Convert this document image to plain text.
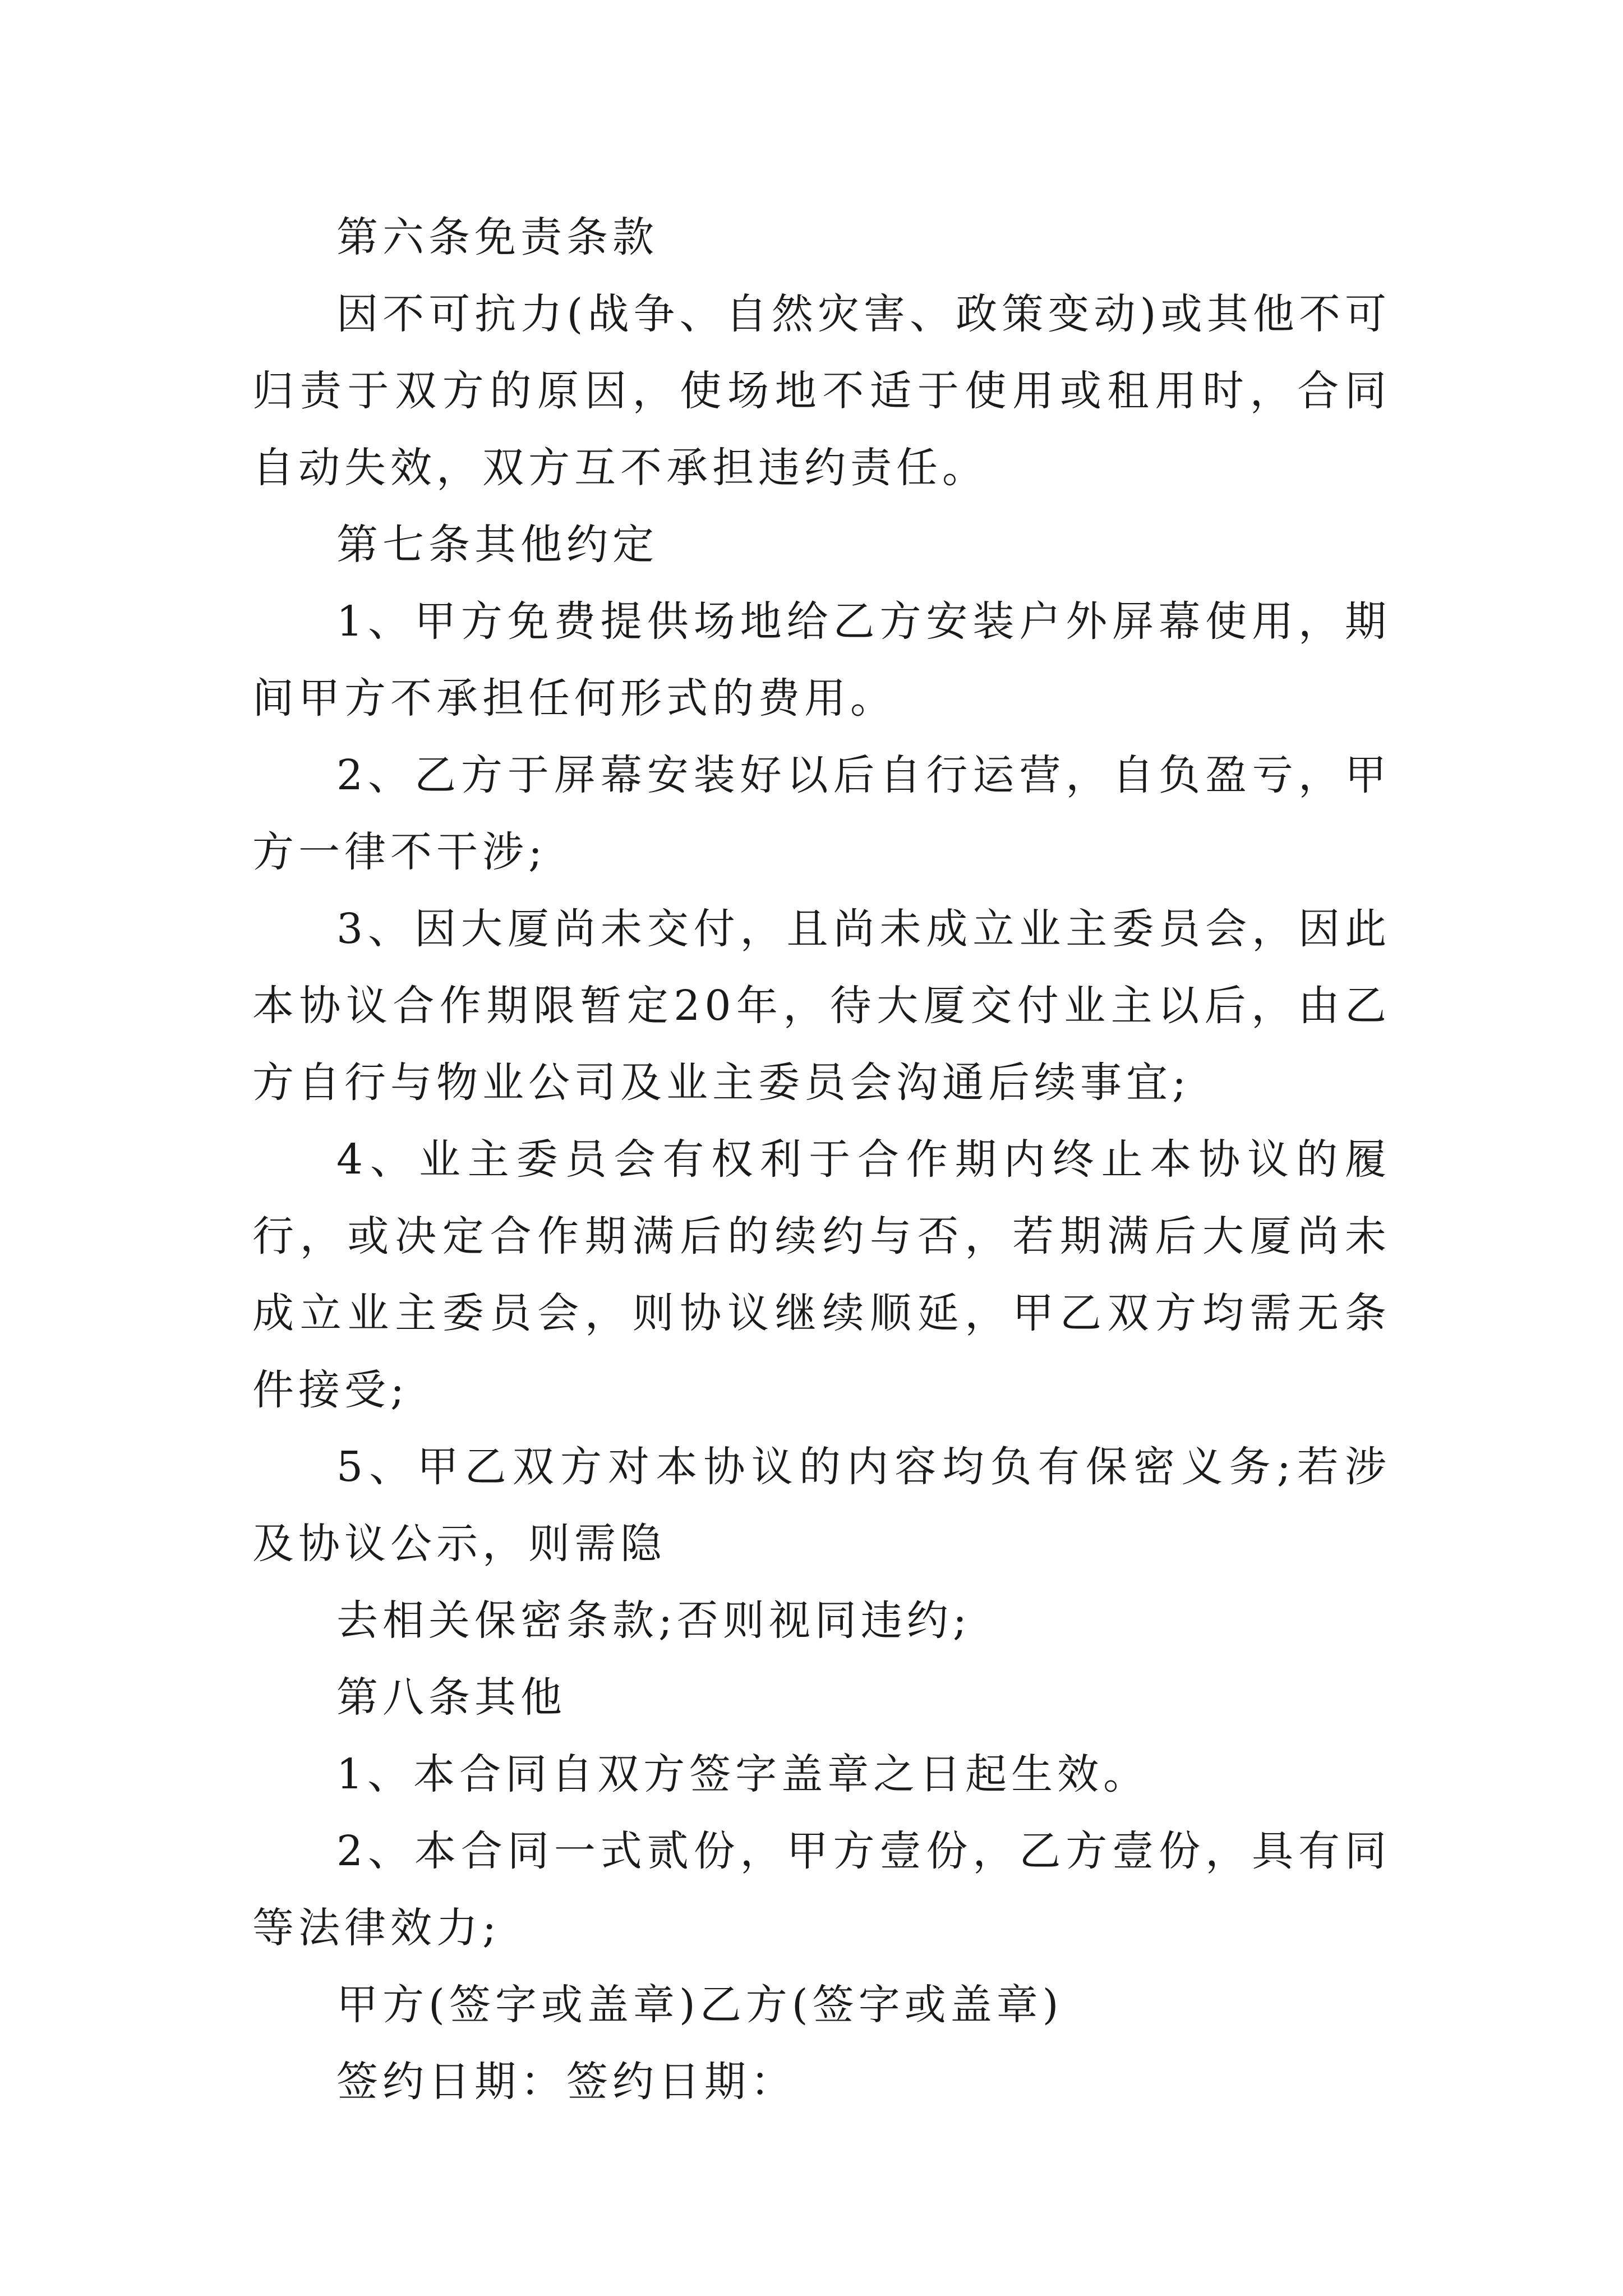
第六条免责条款

因不可抗力(战争、自然灾害、政策变动)或其他不可归责于双方的原因，使场地不适于使用或租用时，合同自动失效，双方互不承担违约责任。

第七条其他约定

1、甲方免费提供场地给乙方安装户外屏幕使用，期间甲方不承担任何形式的费用。

2、乙方于屏幕安装好以后自行运营，自负盈亏，甲方一律不干涉;

3、因大厦尚未交付，且尚未成立业主委员会，因此本协议合作期限暂定20年，待大厦交付业主以后，由乙方自行与物业公司及业主委员会沟通后续事宜;

4、业主委员会有权利于合作期内终止本协议的履行，或决定合作期满后的续约与否，若期满后大厦尚未成立业主委员会，则协议继续顺延，甲乙双方均需无条件接受;

5、甲乙双方对本协议的内容均负有保密义务;若涉及协议公示，则需隐

去相关保密条款;否则视同违约;

第八条其他

1、本合同自双方签字盖章之日起生效。

2、本合同一式贰份，甲方壹份，乙方壹份，具有同等法律效力;

甲方(签字或盖章)乙方(签字或盖章)

签约日期：签约日期：
